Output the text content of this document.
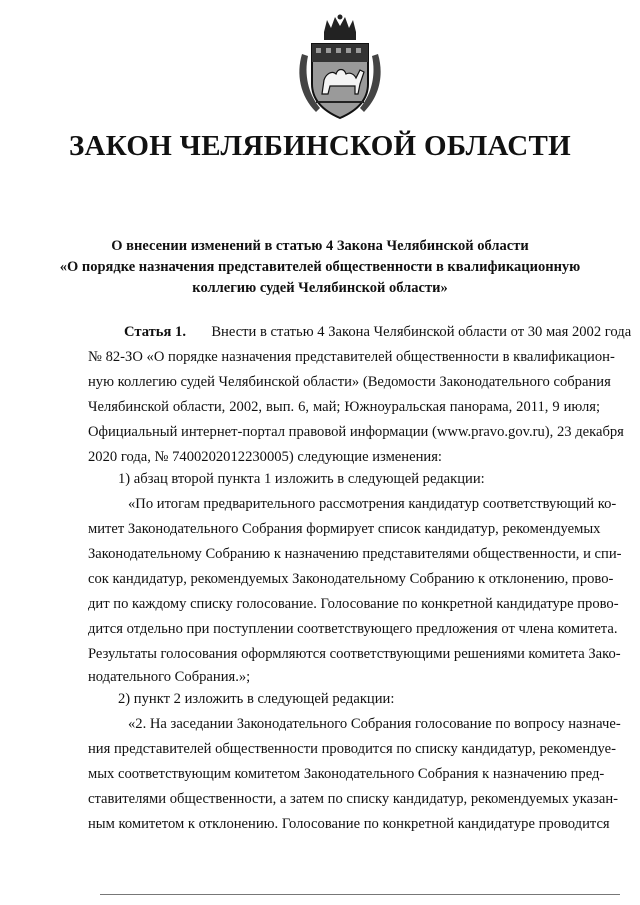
ЗАКОН ЧЕЛЯБИНСКОЙ ОБЛАСТИ
О внесении изменений в статью 4 Закона Челябинской области
«О порядке назначения представителей общественности в квалификационную
коллегию судей Челябинской области»
Статья 1. Внести в статью 4 Закона Челябинской области от 30 мая 2002 года
№ 82-ЗО «О порядке назначения представителей общественности в квалификацион-
ную коллегию судей Челябинской области» (Ведомости Законодательного собрания
Челябинской области, 2002, вып. 6, май; Южноуральская панорама, 2011, 9 июля;
Официальный интернет-портал правовой информации (www.pravo.gov.ru), 23 декабря
2020 года, № 7400202012230005) следующие изменения:
1) абзац второй пункта 1 изложить в следующей редакции:
«По итогам предварительного рассмотрения кандидатур соответствующий ко-
митет Законодательного Собрания формирует список кандидатур, рекомендуемых
Законодательному Собранию к назначению представителями общественности, и спи-
сок кандидатур, рекомендуемых Законодательному Собранию к отклонению, прово-
дит по каждому списку голосование. Голосование по конкретной кандидатуре прово-
дится отдельно при поступлении соответствующего предложения от члена комитета.
Результаты голосования оформляются соответствующими решениями комитета Зако-
нодательного Собрания.»;
2) пункт 2 изложить в следующей редакции:
«2. На заседании Законодательного Собрания голосование по вопросу назначе-
ния представителей общественности проводится по списку кандидатур, рекомендуе-
мых соответствующим комитетом Законодательного Собрания к назначению пред-
ставителями общественности, а затем по списку кандидатур, рекомендуемых указан-
ным комитетом к отклонению. Голосование по конкретной кандидатуре проводится
